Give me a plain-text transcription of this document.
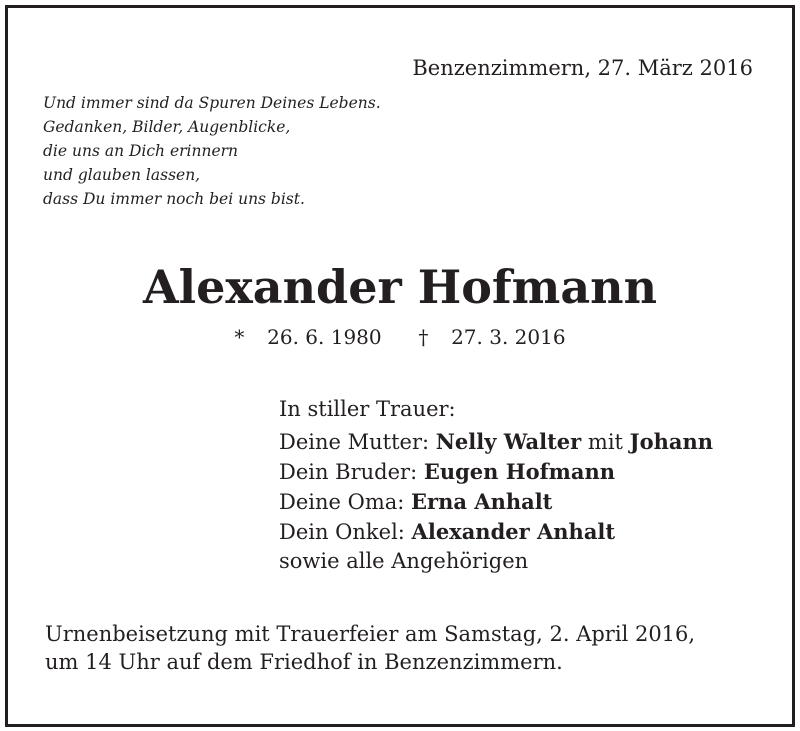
Benzenzimmern, 27. März 2016
Und immer sind da Spuren Deines Lebens.
Gedanken, Bilder, Augenblicke,
die uns an Dich erinnern
und glauben lassen,
dass Du immer noch bei uns bist.
Alexander Hofmann
* 26. 6. 1980 † 27. 3. 2016
In stiller Trauer:
Deine Mutter: Nelly Walter mit Johann
Dein Bruder: Eugen Hofmann
Deine Oma: Erna Anhalt
Dein Onkel: Alexander Anhalt
sowie alle Angehörigen
Urnenbeisetzung mit Trauerfeier am Samstag, 2. April 2016,
um 14 Uhr auf dem Friedhof in Benzenzimmern.
